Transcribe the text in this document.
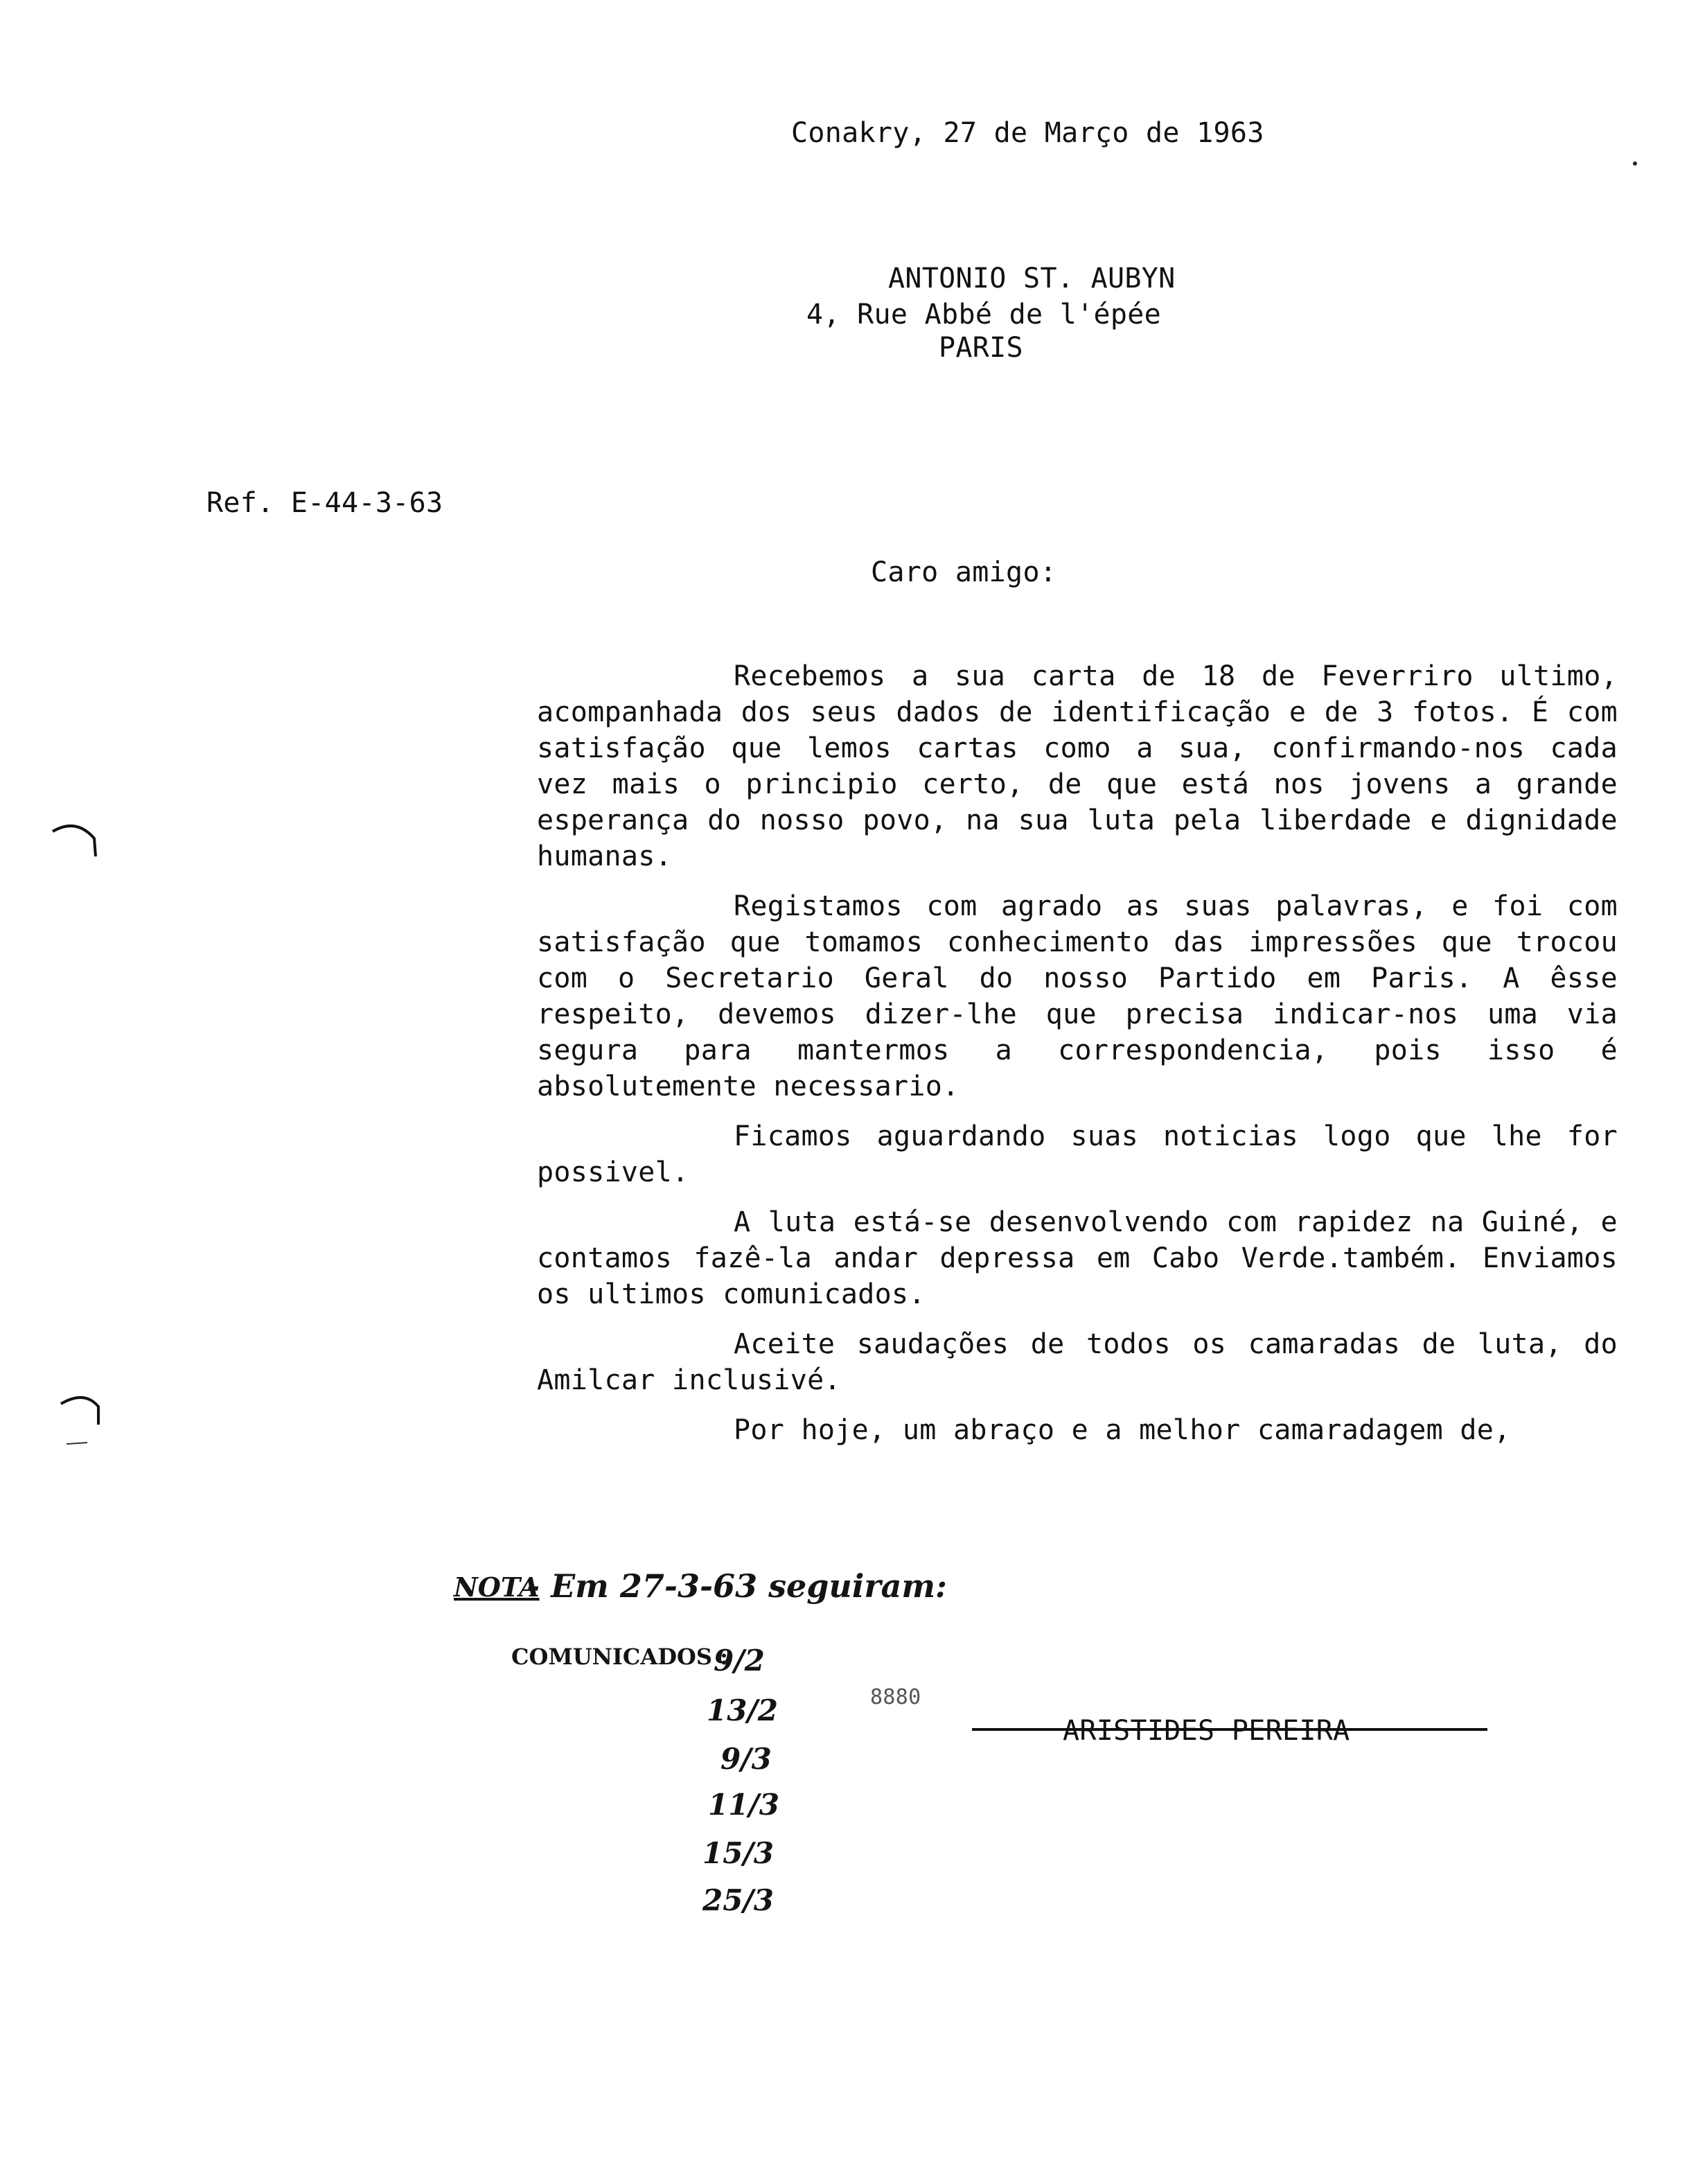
Conakry, 27 de Março de 1963
ANTONIO ST. AUBYN
4, Rue Abbé de l'épée
PARIS
Ref. E-44-3-63
Caro amigo:

Recebemos a sua carta de 18 de Feverriro ultimo, acompanhada dos seus dados de identificação e de 3 fotos. É com satisfação que lemos cartas como a sua, confirmando-nos cada vez mais o principio certo, de que está nos jovens a grande esperança do nosso povo, na sua luta pela liberdade e dignidade humanas.

Registamos com agrado as suas palavras, e foi com satisfação que tomamos conhecimento das impressões que trocou com o Secretario Geral do nosso Partido em Paris. A êsse respeito, devemos dizer-lhe que precisa indicar-nos uma via segura para mantermos a correspondencia, pois isso é absolutemente necessario.

Ficamos aguardando suas noticias logo que lhe for possivel.

A luta está-se desenvolvendo com rapidez na Guiné, e contamos fazê-la andar depressa em Cabo Verde.também. Enviamos os ultimos comunicados.

Aceite saudações de todos os camaradas de luta, do Amilcar inclusivé.

Por hoje, um abraço e a melhor camaradagem de,

NOTA
- Em 27-3-63 seguiram:
COMUNICADOS :
9/2
13/2
9/3
11/3
15/3
25/3
8880
ARISTIDES PEREIRA
